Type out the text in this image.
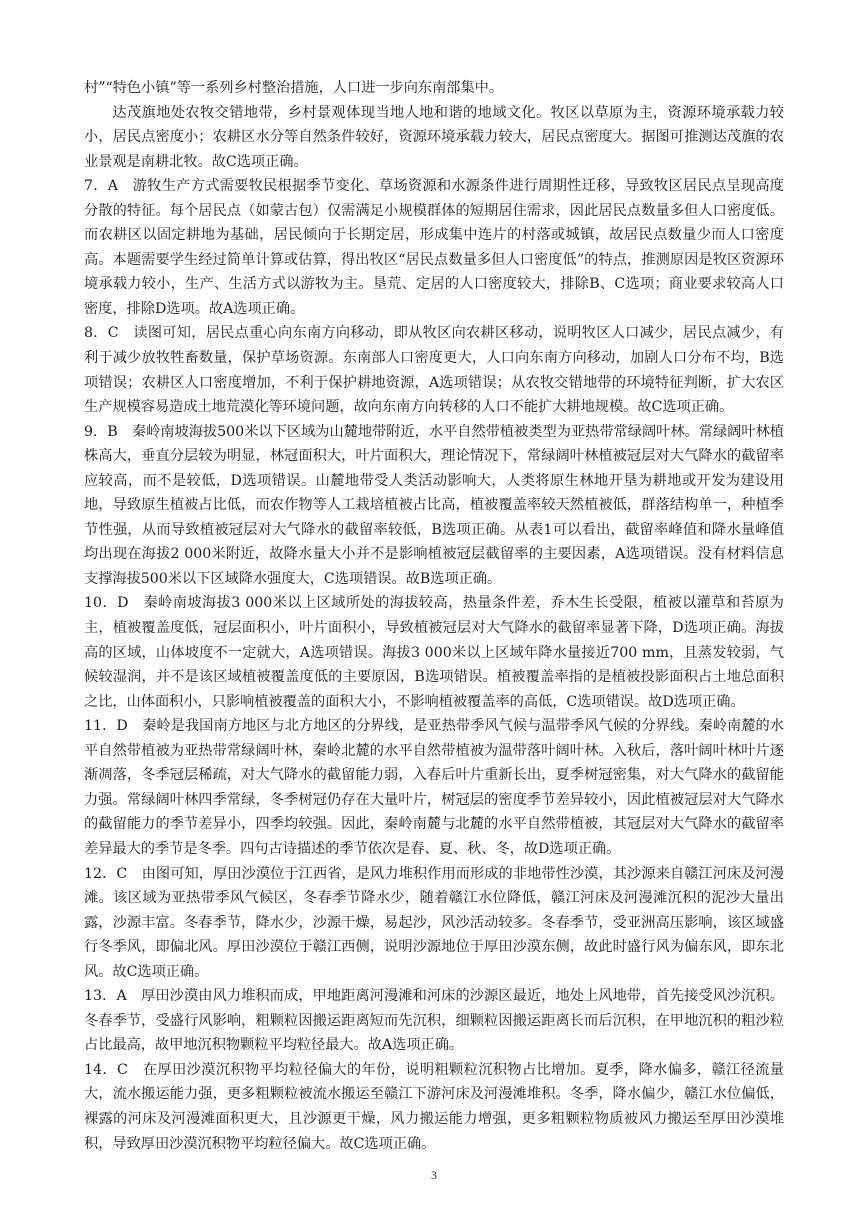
村”“特色小镇”等一系列乡村整治措施，人口进一步向东南部集中。

达茂旗地处农牧交错地带，乡村景观体现当地人地和谐的地域文化。牧区以草原为主，资源环境承载力较小，居民点密度小；农耕区水分等自然条件较好，资源环境承载力较大，居民点密度大。据图可推测达茂旗的农业景观是南耕北牧。故C选项正确。

7．A　游牧生产方式需要牧民根据季节变化、草场资源和水源条件进行周期性迁移，导致牧区居民点呈现高度分散的特征。每个居民点（如蒙古包）仅需满足小规模群体的短期居住需求，因此居民点数量多但人口密度低。而农耕区以固定耕地为基础，居民倾向于长期定居，形成集中连片的村落或城镇，故居民点数量少而人口密度高。本题需要学生经过简单计算或估算，得出牧区“居民点数量多但人口密度低”的特点，推测原因是牧区资源环境承载力较小，生产、生活方式以游牧为主。垦荒、定居的人口密度较大，排除B、C选项；商业要求较高人口密度，排除D选项。故A选项正确。

8．C　读图可知，居民点重心向东南方向移动，即从牧区向农耕区移动，说明牧区人口减少，居民点减少，有利于减少放牧牲畜数量，保护草场资源。东南部人口密度更大，人口向东南方向移动，加剧人口分布不均，B选项错误；农耕区人口密度增加，不利于保护耕地资源，A选项错误；从农牧交错地带的环境特征判断，扩大农区生产规模容易造成土地荒漠化等环境问题，故向东南方向转移的人口不能扩大耕地规模。故C选项正确。

9．B　秦岭南坡海拔500米以下区域为山麓地带附近，水平自然带植被类型为亚热带常绿阔叶林。常绿阔叶林植株高大，垂直分层较为明显，林冠面积大，叶片面积大，理论情况下，常绿阔叶林植被冠层对大气降水的截留率应较高，而不是较低，D选项错误。山麓地带受人类活动影响大，人类将原生林地开垦为耕地或开发为建设用地，导致原生植被占比低，而农作物等人工栽培植被占比高，植被覆盖率较天然植被低，群落结构单一，种植季节性强，从而导致植被冠层对大气降水的截留率较低，B选项正确。从表1可以看出，截留率峰值和降水量峰值均出现在海拔2 000米附近，故降水量大小并不是影响植被冠层截留率的主要因素，A选项错误。没有材料信息支撑海拔500米以下区域降水强度大，C选项错误。故B选项正确。

10．D　秦岭南坡海拔3 000米以上区域所处的海拔较高，热量条件差，乔木生长受限，植被以灌草和苔原为主，植被覆盖度低，冠层面积小，叶片面积小，导致植被冠层对大气降水的截留率显著下降，D选项正确。海拔高的区域，山体坡度不一定就大，A选项错误。海拔3 000米以上区域年降水量接近700 mm，且蒸发较弱，气候较湿润，并不是该区域植被覆盖度低的主要原因，B选项错误。植被覆盖率指的是植被投影面积占土地总面积之比，山体面积小，只影响植被覆盖的面积大小，不影响植被覆盖率的高低，C选项错误。故D选项正确。

11．D　秦岭是我国南方地区与北方地区的分界线，是亚热带季风气候与温带季风气候的分界线。秦岭南麓的水平自然带植被为亚热带常绿阔叶林，秦岭北麓的水平自然带植被为温带落叶阔叶林。入秋后，落叶阔叶林叶片逐渐凋落，冬季冠层稀疏，对大气降水的截留能力弱，入春后叶片重新长出，夏季树冠密集，对大气降水的截留能力强。常绿阔叶林四季常绿，冬季树冠仍存在大量叶片，树冠层的密度季节差异较小，因此植被冠层对大气降水的截留能力的季节差异小，四季均较强。因此，秦岭南麓与北麓的水平自然带植被，其冠层对大气降水的截留率差异最大的季节是冬季。四句古诗描述的季节依次是春、夏、秋、冬，故D选项正确。

12．C　由图可知，厚田沙漠位于江西省，是风力堆积作用而形成的非地带性沙漠，其沙源来自赣江河床及河漫滩。该区域为亚热带季风气候区，冬春季节降水少，随着赣江水位降低，赣江河床及河漫滩沉积的泥沙大量出露，沙源丰富。冬春季节，降水少，沙源干燥，易起沙，风沙活动较多。冬春季节，受亚洲高压影响，该区域盛行冬季风，即偏北风。厚田沙漠位于赣江西侧，说明沙源地位于厚田沙漠东侧，故此时盛行风为偏东风，即东北风。故C选项正确。

13．A　厚田沙漠由风力堆积而成，甲地距离河漫滩和河床的沙源区最近，地处上风地带，首先接受风沙沉积。冬春季节，受盛行风影响，粗颗粒因搬运距离短而先沉积，细颗粒因搬运距离长而后沉积，在甲地沉积的粗沙粒占比最高，故甲地沉积物颗粒平均粒径最大。故A选项正确。

14．C　在厚田沙漠沉积物平均粒径偏大的年份，说明粗颗粒沉积物占比增加。夏季，降水偏多，赣江径流量大，流水搬运能力强，更多粗颗粒被流水搬运至赣江下游河床及河漫滩堆积。冬季，降水偏少，赣江水位偏低，裸露的河床及河漫滩面积更大，且沙源更干燥，风力搬运能力增强，更多粗颗粒物质被风力搬运至厚田沙漠堆积，导致厚田沙漠沉积物平均粒径偏大。故C选项正确。

3
